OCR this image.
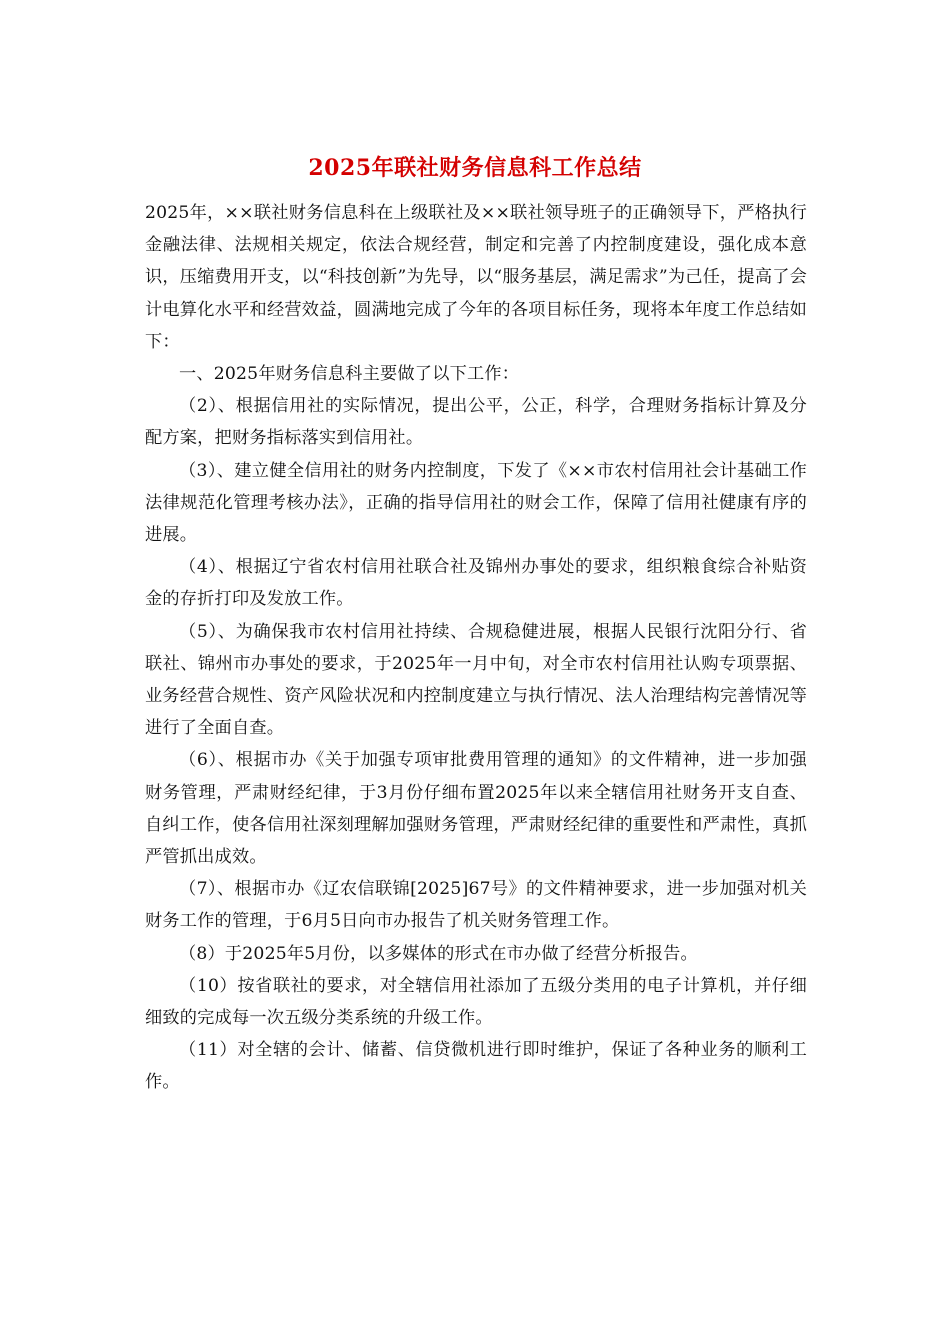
2025年联社财务信息科工作总结

2025年，××联社财务信息科在上级联社及××联社领导班子的正确领导下，严格执行金融法律、法规相关规定，依法合规经营，制定和完善了内控制度建设，强化成本意识，压缩费用开支，以“科技创新”为先导，以“服务基层，满足需求”为己任，提高了会计电算化水平和经营效益，圆满地完成了今年的各项目标任务，现将本年度工作总结如下：

一、2025年财务信息科主要做了以下工作：

（2）、根据信用社的实际情况，提出公平，公正，科学，合理财务指标计算及分配方案，把财务指标落实到信用社。

（3）、建立健全信用社的财务内控制度，下发了《××市农村信用社会计基础工作法律规范化管理考核办法》，正确的指导信用社的财会工作，保障了信用社健康有序的进展。

（4）、根据辽宁省农村信用社联合社及锦州办事处的要求，组织粮食综合补贴资金的存折打印及发放工作。

（5）、为确保我市农村信用社持续、合规稳健进展，根据人民银行沈阳分行、省联社、锦州市办事处的要求，于2025年一月中旬，对全市农村信用社认购专项票据、业务经营合规性、资产风险状况和内控制度建立与执行情况、法人治理结构完善情况等进行了全面自查。

（6）、根据市办《关于加强专项审批费用管理的通知》的文件精神，进一步加强财务管理，严肃财经纪律，于3月份仔细布置2025年以来全辖信用社财务开支自查、自纠工作，使各信用社深刻理解加强财务管理，严肃财经纪律的重要性和严肃性，真抓严管抓出成效。

（7）、根据市办《辽农信联锦[2025]67号》的文件精神要求，进一步加强对机关财务工作的管理，于6月5日向市办报告了机关财务管理工作。

（8）于2025年5月份，以多媒体的形式在市办做了经营分析报告。

（10）按省联社的要求，对全辖信用社添加了五级分类用的电子计算机，并仔细细致的完成每一次五级分类系统的升级工作。

（11）对全辖的会计、储蓄、信贷微机进行即时维护，保证了各种业务的顺利工作。
